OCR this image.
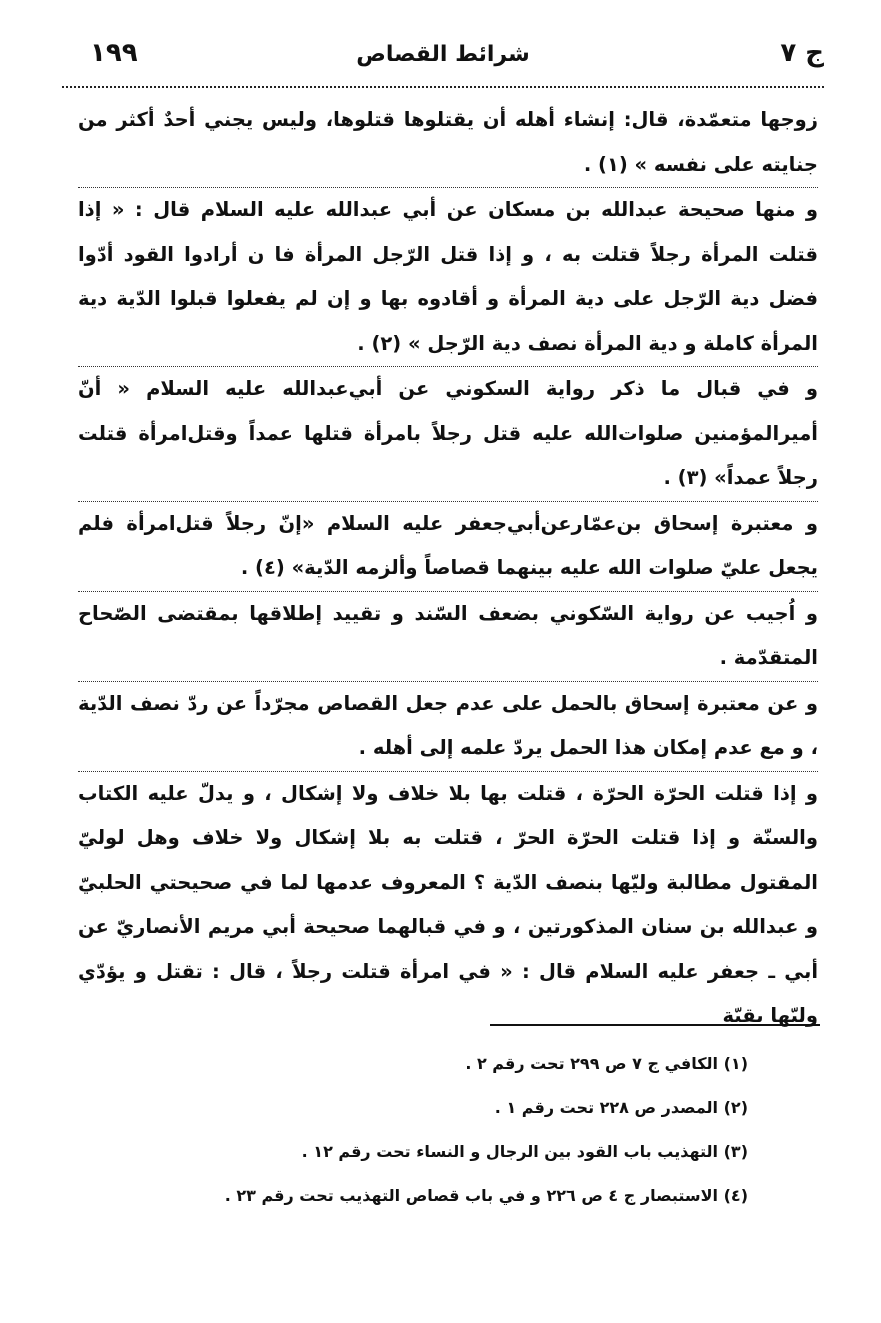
ج ٧
شرائط القصاص
١٩٩

زوجها متعمّدة، قال: إنشاء أهله أن يقتلوها قتلوها، وليس يجني أحدٌ أكثر من جنايته على نفسه » (١) .

و منها صحيحة عبدالله بن مسكان عن أبي عبدالله عليه السلام قال : « إذا قتلت المرأة رجلاً قتلت به ، و إذا قتل الرّجل المرأة فا ن أرادوا القود أدّوا فضل دية الرّجل على دية المرأة و أقادوه بها و إن لم يفعلوا قبلوا الدّية دية المرأة كاملة و دية المرأة نصف دية الرّجل » (٢) .

و في قبال ما ذكر رواية السكوني عن أبي‌عبدالله عليه السلام « أنّ أميرالمؤمنين صلوات‌الله عليه قتل رجلاً بامرأة قتلها عمداً وقتل‌امرأة قتلت رجلاً عمداً» (٣) .

و معتبرة إسحاق بن‌عمّارعن‌أبي‌جعفر عليه السلام «إنّ رجلاً قتل‌امرأة فلم يجعل عليّ صلوات الله عليه بينهما قصاصاً وألزمه الدّية» (٤) .

و اُجيب عن رواية السّكوني بضعف السّند و تقييد إطلاقها بمقتضى الصّحاح المتقدّمة .

و عن معتبرة إسحاق بالحمل على عدم جعل القصاص مجرّداً عن ردّ نصف الدّية ، و مع عدم إمكان هذا الحمل يردّ علمه إلى أهله .

و إذا قتلت الحرّة الحرّة ، قتلت بها بلا خلاف ولا إشكال ، و يدلّ عليه الكتاب والسنّة و إذا قتلت الحرّة الحرّ ، قتلت به بلا إشكال ولا خلاف وهل لوليّ المقتول مطالبة وليّها بنصف الدّية ؟ المعروف عدمها لما في صحيحتي الحلبيّ و عبدالله بن سنان المذكورتين ، و في قبالهما صحيحة أبي مريم الأنصاريّ عن أبي ـ جعفر عليه السلام قال : « في امرأة قتلت رجلاً ، قال : تقتل و يؤدّي وليّها بقيّة

(١) الكافي ج ٧ ص ٢٩٩ تحت رقم ٢ .
(٢) المصدر ص ٢٢٨ تحت رقم ١ .
(٣) التهذيب باب القود بين الرجال و النساء تحت رقم ١٢ .
(٤) الاستبصار ج ٤ ص ٢٢٦ و في باب قصاص التهذيب تحت رقم ٢٣ .
